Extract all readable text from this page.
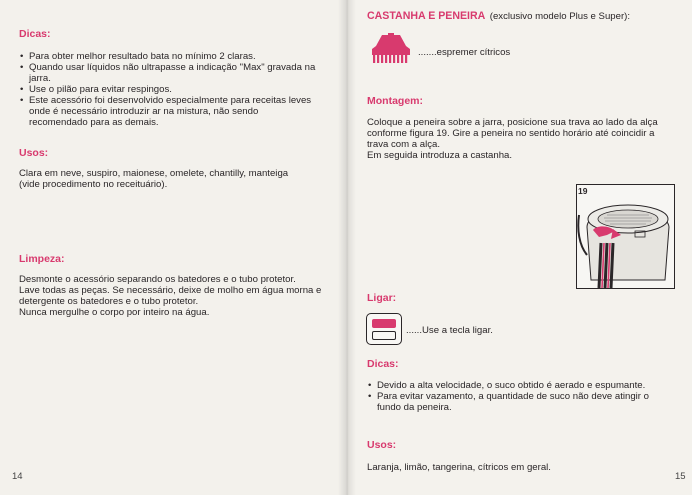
Dicas:
• Para obter melhor resultado bata no mínimo 2 claras.
• Quando usar líquidos não ultrapasse a indicação "Max" gravada na jarra.
• Use o pilão para evitar respingos.
• Este acessório foi desenvolvido especialmente para receitas leves onde é necessário introduzir ar na mistura, não sendo recomendado para as demais.
Usos:
Clara em neve, suspiro, maionese, omelete, chantilly, manteiga (vide procedimento no receituário).
Limpeza:
Desmonte o acessório separando os batedores e o tubo protetor.
Lave todas as peças. Se necessário, deixe de molho em água morna e detergente os batedores e o tubo protetor.
Nunca mergulhe o corpo por inteiro na água.
14
CASTANHA E PENEIRA (exclusivo modelo Plus e Super):
.......espremer cítricos
Montagem:
Coloque a peneira sobre a jarra, posicione sua trava ao lado da alça conforme figura 19. Gire a peneira no sentido horário até coincidir a trava com a alça.
Em seguida introduza a castanha.
19
Ligar:
......Use a tecla ligar.
Dicas:
• Devido a alta velocidade, o suco obtido é aerado e espumante.
• Para evitar vazamento, a quantidade de suco não deve atingir o fundo da peneira.
Usos:
Laranja, limão, tangerina, cítricos em geral.
15
